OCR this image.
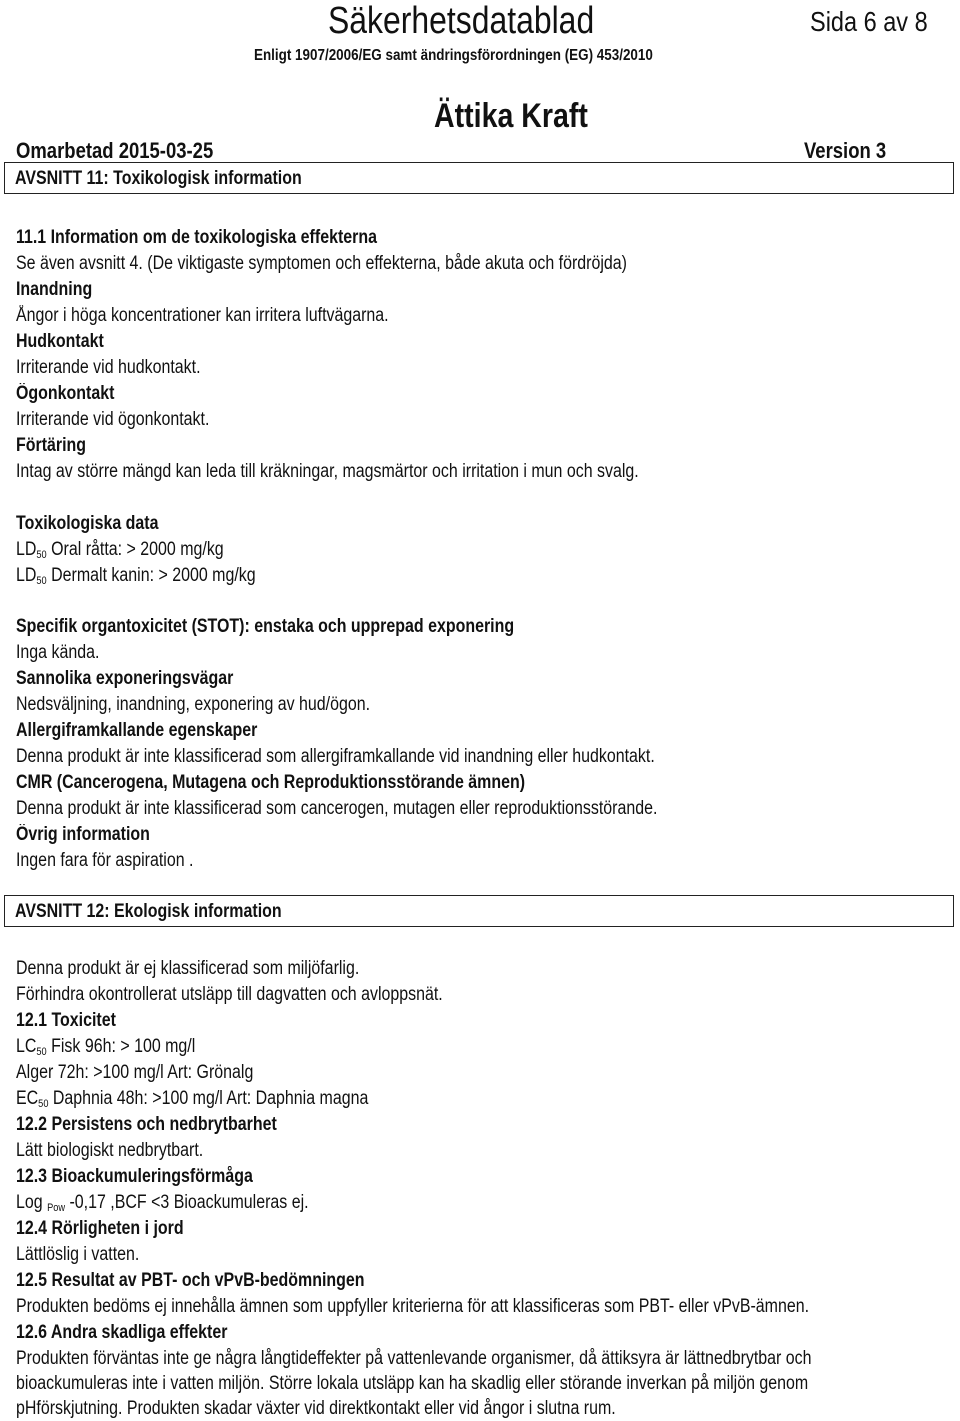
Säkerhetsdatablad	Sida 6 av 8
Enligt 1907/2006/EG samt ändringsförordningen (EG) 453/2010
Ättika Kraft
Omarbetad 2015-03-25	Version 3
AVSNITT 11: Toxikologisk information
11.1 Information om de toxikologiska effekterna
Se även avsnitt 4. (De viktigaste symptomen och effekterna, både akuta och fördröjda)
Inandning
Ångor i höga koncentrationer kan irritera luftvägarna.
Hudkontakt
Irriterande vid hudkontakt.
Ögonkontakt
Irriterande vid ögonkontakt.
Förtäring
Intag av större mängd kan leda till kräkningar, magsmärtor och irritation i mun och svalg.
Toxikologiska data
$LD_{50}$ Oral råtta: > 2000 mg/kg
$LD_{50}$ Dermalt kanin: > 2000 mg/kg
Specifik organtoxicitet (STOT): enstaka och upprepad exponering
Inga kända.
Sannolika exponeringsvägar
Nedsväljning, inandning, exponering av hud/ögon.
Allergiframkallande egenskaper
Denna produkt är inte klassificerad som allergiframkallande vid inandning eller hudkontakt.
CMR (Cancerogena, Mutagena och Reproduktionsstörande ämnen)
Denna produkt är inte klassificerad som cancerogen, mutagen eller reproduktionsstörande.
Övrig information
Ingen fara för aspiration .
AVSNITT 12: Ekologisk information
Denna produkt är ej klassificerad som miljöfarlig.
Förhindra okontrollerat utsläpp till dagvatten och avloppsnät.
12.1 Toxicitet
$LC_{50}$ Fisk 96h: > 100 mg/l
Alger 72h: >100 mg/l Art: Grönalg
$EC_{50}$ Daphnia 48h: >100 mg/l Art: Daphnia magna
12.2 Persistens och nedbrytbarhet
Lätt biologiskt nedbrytbart.
12.3 Bioackumuleringsförmåga
Log $_{Pow}$ -0,17 ,BCF <3 Bioackumuleras ej.
12.4 Rörligheten i jord
Lättlöslig i vatten.
12.5 Resultat av PBT- och vPvB-bedömningen
Produkten bedöms ej innehålla ämnen som uppfyller kriterierna för att klassificeras som PBT- eller vPvB-ämnen.
12.6 Andra skadliga effekter
Produkten förväntas inte ge några långtideffekter på vattenlevande organismer, då ättiksyra är lättnedbrytbar och
bioackumuleras inte i vatten miljön. Större lokala utsläpp kan ha skadlig eller störande inverkan på miljön genom
pHförskjutning. Produkten skadar växter vid direktkontakt eller vid ångor i slutna rum.
